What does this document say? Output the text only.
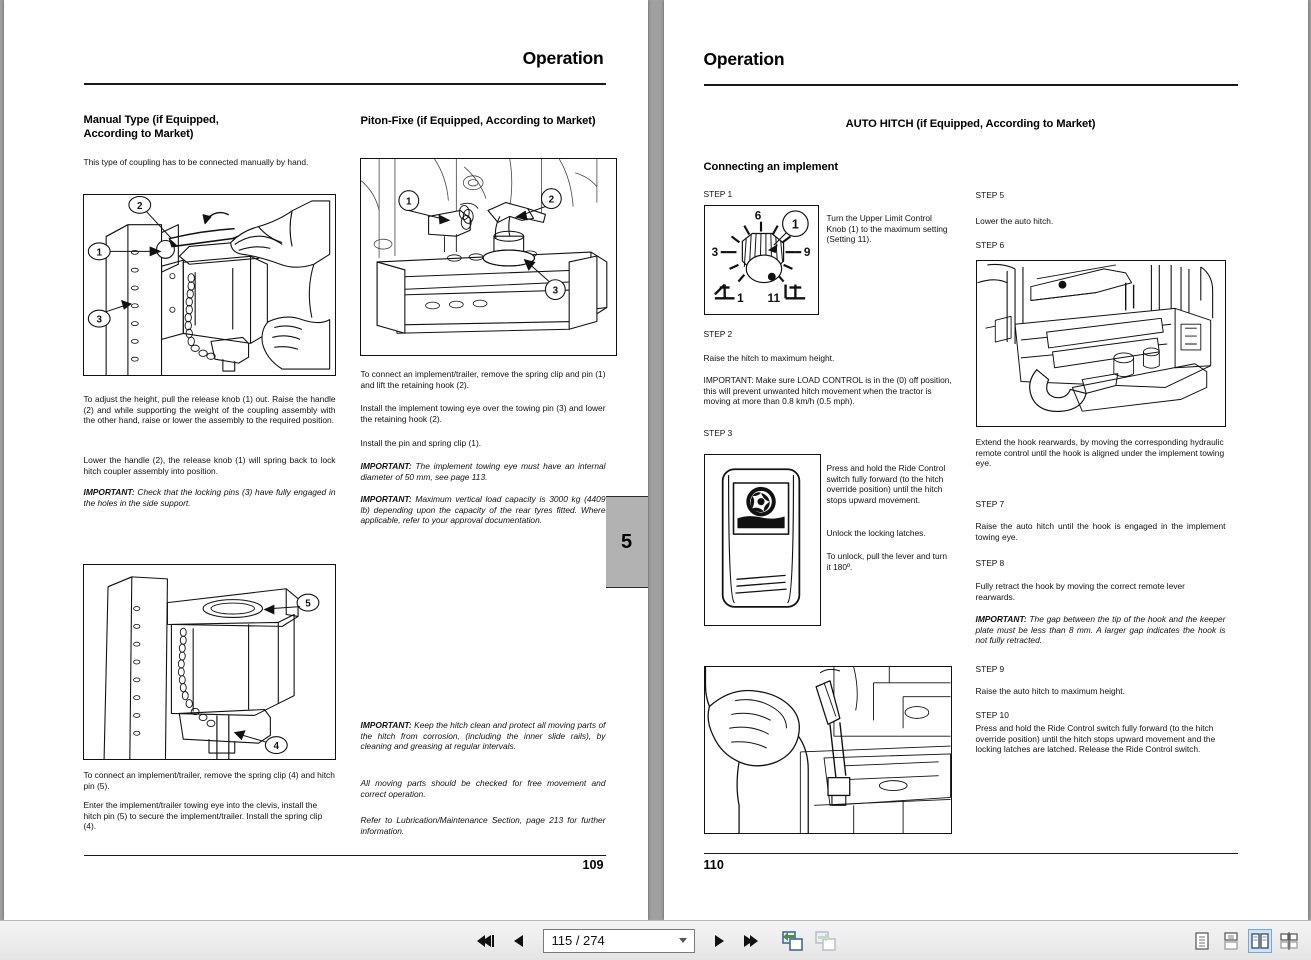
Operation
Manual Type (if Equipped, According to Market)
This type of coupling has to be connected manually by hand.
1
2
3
To adjust the height, pull the release knob (1) out. Raise the handle (2) and while supporting the weight of the coupling assembly with the other hand, raise or lower the assembly to the required position.
Lower the handle (2), the release knob (1) will spring back to lock hitch coupler assembly into position.
IMPORTANT: Check that the locking pins (3) have fully engaged in the holes in the side support.
5
4
To connect an implement/trailer, remove the spring clip (4) and hitch pin (5).
Enter the implement/trailer towing eye into the clevis, install the hitch pin (5) to secure the implement/trailer. Install the spring clip (4).
Piton-Fixe (if Equipped, According to Market)
1	2
3
To connect an implement/trailer, remove the spring clip and pin (1) and lift the retaining hook (2).
Install the implement towing eye over the towing pin (3) and lower the retaining hook (2).
Install the pin and spring clip (1).
IMPORTANT: The implement towing eye must have an internal diameter of 50 mm, see page 113.
IMPORTANT: Maximum vertical load capacity is 3000 kg (4409 lb) depending upon the capacity of the rear tyres fitted. Where applicable, refer to your approval documentation.
IMPORTANT: Keep the hitch clean and protect all moving parts of the hitch from corrosion, (including the inner slide rails), by cleaning and greasing at regular intervals.
All moving parts should be checked for free movement and correct operation.
Refer to Lubrication/Maintenance Section, page 213 for further information.
109
5
Operation
AUTO HITCH (if Equipped, According to Market)
Connecting an implement
STEP 1
6
3	9
1 11
1	Turn the Upper Limit Control Knob (1) to the maximum setting (Setting 11).
STEP 2
Raise the hitch to maximum height.
IMPORTANT: Make sure LOAD CONTROL is in the (0) off position, this will prevent unwanted hitch movement when the tractor is moving at more than 0.8 km/h (0.5 mph).
STEP 3
Press and hold the Ride Control switch fully forward (to the hitch override position) until the hitch stops upward movement.
Unlock the locking latches.
To unlock, pull the lever and turn it 180º.
STEP 5
Lower the auto hitch.
STEP 6
Extend the hook rearwards, by moving the corresponding hydraulic remote control until the hook is aligned under the implement towing eye.
STEP 7
Raise the auto hitch until the hook is engaged in the implement towing eye.
STEP 8
Fully retract the hook by moving the correct remote lever rearwards.
IMPORTANT: The gap between the tip of the hook and the keeper plate must be less than 8 mm. A larger gap indicates the hook is not fully retracted.
STEP 9
Raise the auto hitch to maximum height.
STEP 10
Press and hold the Ride Control switch fully forward (to the hitch override position) until the hitch stops upward movement and the locking latches are latched. Release the Ride Control switch.
110
115 / 274
